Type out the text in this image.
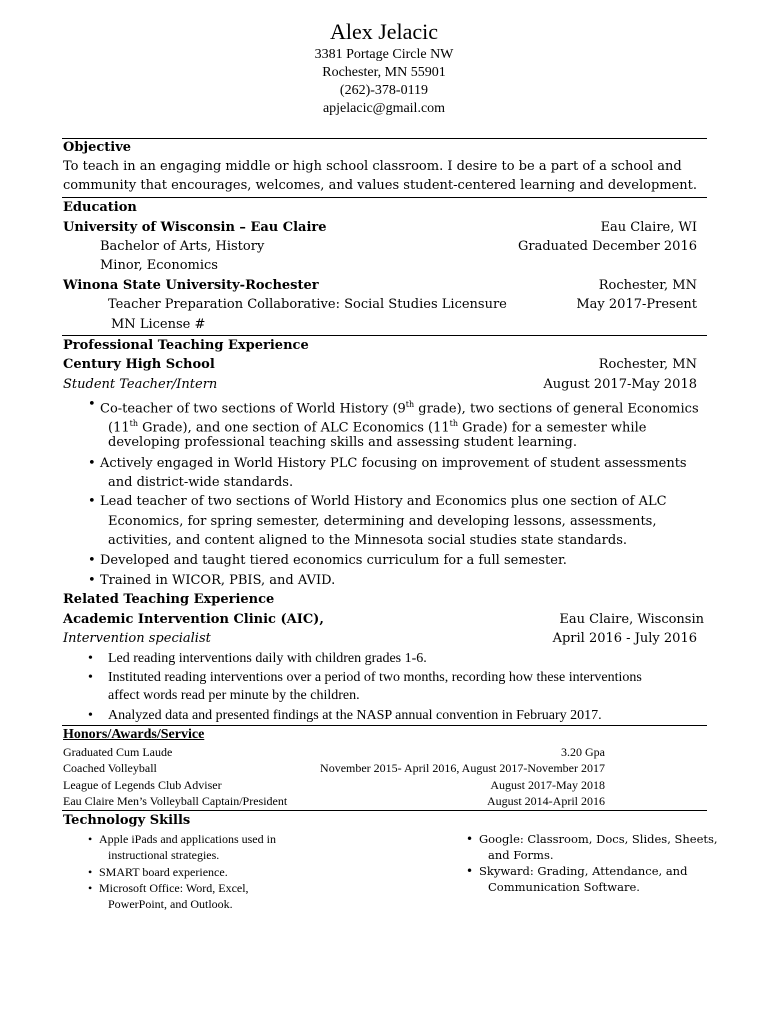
Alex Jelacic
3381 Portage Circle NW
Rochester, MN 55901
(262)-378-0119
apjelacic@gmail.com
Objective
To teach in an engaging middle or high school classroom. I desire to be a part of a school and
community that encourages, welcomes, and values student-centered learning and development.
Education
University of Wisconsin – Eau Claire	Eau Claire, WI
Bachelor of Arts, History	Graduated December 2016
Minor, Economics
Winona State University-Rochester	Rochester, MN
Teacher Preparation Collaborative: Social Studies Licensure	May 2017-Present
MN License #
Professional Teaching Experience
Century High School	Rochester, MN
Student Teacher/Intern	August 2017-May 2018
• Co-teacher of two sections of World History (9th grade), two sections of general Economics
(11th Grade), and one section of ALC Economics (11th Grade) for a semester while
developing professional teaching skills and assessing student learning.
• Actively engaged in World History PLC focusing on improvement of student assessments
and district-wide standards.
• Lead teacher of two sections of World History and Economics plus one section of ALC
Economics, for spring semester, determining and developing lessons, assessments,
activities, and content aligned to the Minnesota social studies state standards.
• Developed and taught tiered economics curriculum for a full semester.
• Trained in WICOR, PBIS, and AVID.
Related Teaching Experience
Academic Intervention Clinic (AIC),	Eau Claire, Wisconsin
Intervention specialist	April 2016 - July 2016
• Led reading interventions daily with children grades 1-6.
• Instituted reading interventions over a period of two months, recording how these interventions
affect words read per minute by the children.
• Analyzed data and presented findings at the NASP annual convention in February 2017.
Honors/Awards/Service
Graduated Cum Laude	3.20 Gpa
Coached Volleyball	November 2015- April 2016, August 2017-November 2017
League of Legends Club Adviser	August 2017-May 2018
Eau Claire Men’s Volleyball Captain/President	August 2014-April 2016
Technology Skills
• Apple iPads and applications used in
instructional strategies.
• SMART board experience.
• Microsoft Office: Word, Excel,
PowerPoint, and Outlook.
• Google: Classroom, Docs, Slides, Sheets,
and Forms.
• Skyward: Grading, Attendance, and
Communication Software.
